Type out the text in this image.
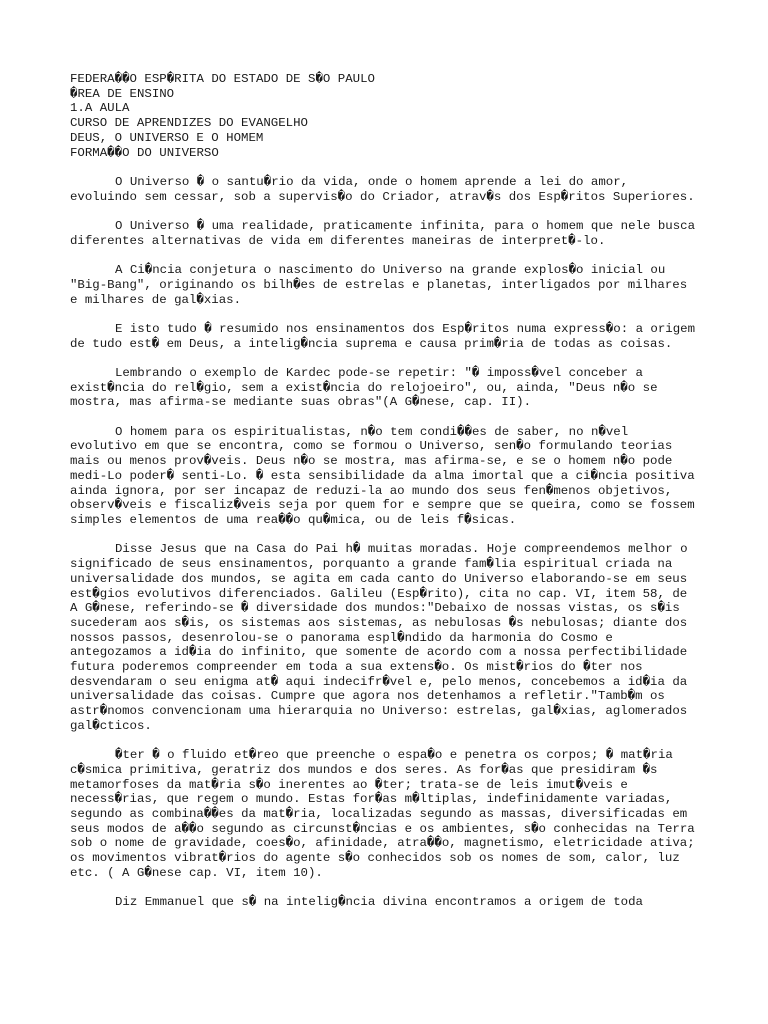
FEDERA��O ESP�RITA DO ESTADO DE S�O PAULO
�REA DE ENSINO
1.A AULA
CURSO DE APRENDIZES DO EVANGELHO
DEUS, O UNIVERSO E O HOMEM
FORMA��O DO UNIVERSO

O Universo � o santu�rio da vida, onde o homem aprende a lei do amor, evoluindo sem cessar, sob a supervis�o do Criador, atrav�s dos Esp�ritos Superiores.

O Universo � uma realidade, praticamente infinita, para o homem que nele busca diferentes alternativas de vida em diferentes maneiras de interpret�-lo.

A Ci�ncia conjetura o nascimento do Universo na grande explos�o inicial ou "Big-Bang", originando os bilh�es de estrelas e planetas, interligados por milhares e milhares de gal�xias.

E isto tudo � resumido nos ensinamentos dos Esp�ritos numa express�o: a origem de tudo est� em Deus, a intelig�ncia suprema e causa prim�ria de todas as coisas.

Lembrando o exemplo de Kardec pode-se repetir: "� imposs�vel conceber a exist�ncia do rel�gio, sem a exist�ncia do relojoeiro", ou, ainda, "Deus n�o se mostra, mas afirma-se mediante suas obras"(A G�nese, cap. II).

O homem para os espiritualistas, n�o tem condi��es de saber, no n�vel evolutivo em que se encontra, como se formou o Universo, sen�o formulando teorias mais ou menos prov�veis. Deus n�o se mostra, mas afirma-se, e se o homem n�o pode medi-Lo poder� senti-Lo. � esta sensibilidade da alma imortal que a ci�ncia positiva ainda ignora, por ser incapaz de reduzi-la ao mundo dos seus fen�menos objetivos, observ�veis e fiscaliz�veis seja por quem for e sempre que se queira, como se fossem simples elementos de uma rea��o qu�mica, ou de leis f�sicas.

Disse Jesus que na Casa do Pai h� muitas moradas. Hoje compreendemos melhor o significado de seus ensinamentos, porquanto a grande fam�lia espiritual criada na universalidade dos mundos, se agita em cada canto do Universo elaborando-se em seus est�gios evolutivos diferenciados. Galileu (Esp�rito), cita no cap. VI, item 58, de A G�nese, referindo-se � diversidade dos mundos:"Debaixo de nossas vistas, os s�is sucederam aos s�is, os sistemas aos sistemas, as nebulosas �s nebulosas; diante dos nossos passos, desenrolou-se o panorama espl�ndido da harmonia do Cosmo e antegozamos a id�ia do infinito, que somente de acordo com a nossa perfectibilidade futura poderemos compreender em toda a sua extens�o. Os mist�rios do �ter nos desvendaram o seu enigma at� aqui indecifr�vel e, pelo menos, concebemos a id�ia da universalidade das coisas. Cumpre que agora nos detenhamos a refletir."Tamb�m os astr�nomos convencionam uma hierarquia no Universo: estrelas, gal�xias, aglomerados gal�cticos.

�ter � o fluido et�reo que preenche o espa�o e penetra os corpos; � mat�ria c�smica primitiva, geratriz dos mundos e dos seres. As for�as que presidiram �s metamorfoses da mat�ria s�o inerentes ao �ter; trata-se de leis imut�veis e necess�rias, que regem o mundo. Estas for�as m�ltiplas, indefinidamente variadas, segundo as combina��es da mat�ria, localizadas segundo as massas, diversificadas em seus modos de a��o segundo as circunst�ncias e os ambientes, s�o conhecidas na Terra sob o nome de gravidade, coes�o, afinidade, atra��o, magnetismo, eletricidade ativa; os movimentos vibrat�rios do agente s�o conhecidos sob os nomes de som, calor, luz etc. ( A G�nese cap. VI, item 10).

Diz Emmanuel que s� na intelig�ncia divina encontramos a origem de toda
